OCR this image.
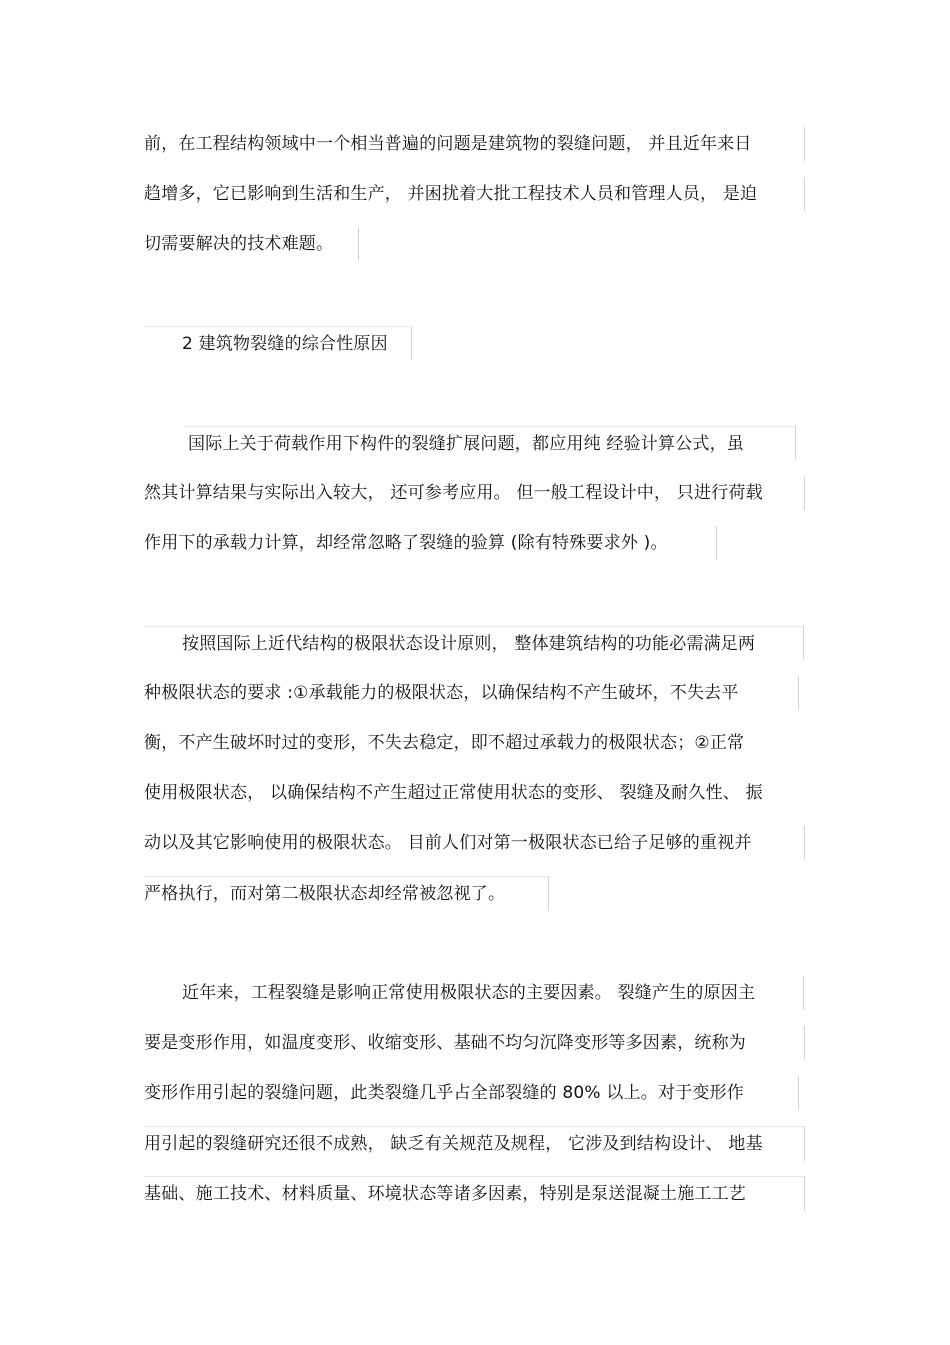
前，在工程结构领域中一个相当普遍的问题是建筑物的裂缝问题， 并且近年来日
趋增多，它已影响到生活和生产， 并困扰着大批工程技术人员和管理人员， 是迫
切需要解决的技术难题。
2 建筑物裂缝的综合性原因
国际上关于荷载作用下构件的裂缝扩展问题，都应用纯 经验计算公式，虽
然其计算结果与实际出入较大， 还可参考应用。 但一般工程设计中， 只进行荷载
作用下的承载力计算，却经常忽略了裂缝的验算 (除有特殊要求外 )。
按照国际上近代结构的极限状态设计原则， 整体建筑结构的功能必需满足两
种极限状态的要求 :①承载能力的极限状态，以确保结构不产生破坏，不失去平
衡，不产生破坏时过的变形，不失去稳定，即不超过承载力的极限状态；②正常
使用极限状态， 以确保结构不产生超过正常使用状态的变形、 裂缝及耐久性、 振
动以及其它影响使用的极限状态。 目前人们对第一极限状态已给子足够的重视并
严格执行，而对第二极限状态却经常被忽视了。
近年来，工程裂缝是影响正常使用极限状态的主要因素。 裂缝产生的原因主
要是变形作用，如温度变形、收缩变形、基础不均匀沉降变形等多因素，统称为
变形作用引起的裂缝问题，此类裂缝几乎占全部裂缝的 80% 以上。对于变形作
用引起的裂缝研究还很不成熟， 缺乏有关规范及规程， 它涉及到结构设计、 地基
基础、施工技术、材料质量、环境状态等诸多因素，特别是泵送混凝土施工工艺
